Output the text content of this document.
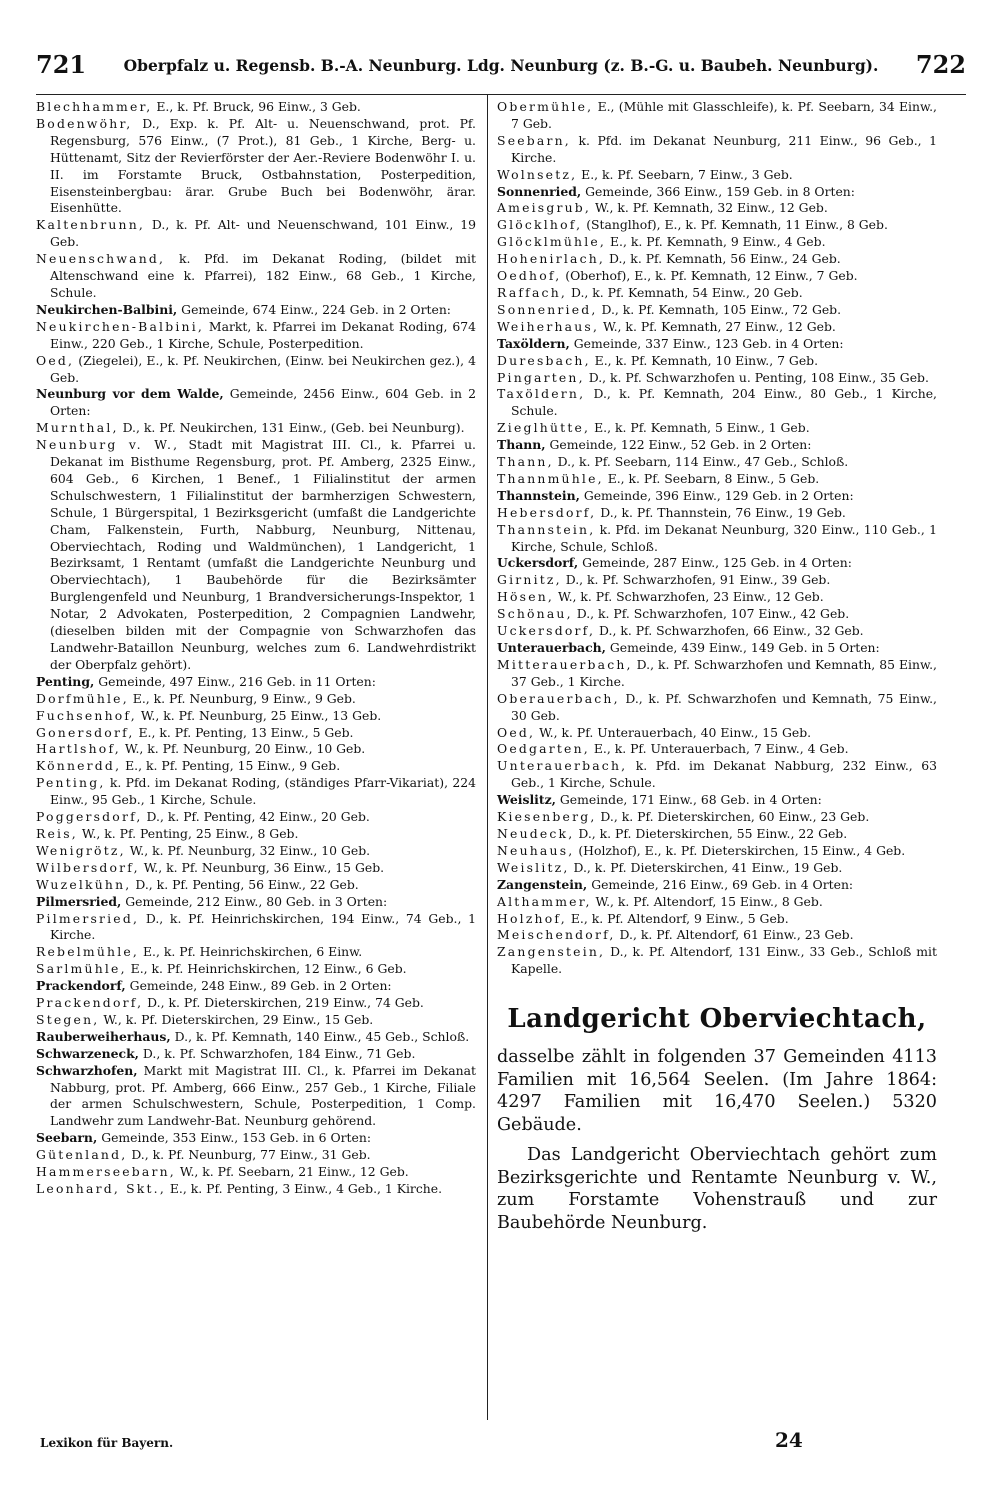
721	Oberpfalz u. Regensb. B.-A. Neunburg. Ldg. Neunburg (z. B.-G. u. Baubeh. Neunburg).	722

Blechhammer, E., k. Pf. Bruck, 96 Einw., 3 Geb.

Bodenwöhr, D., Exp. k. Pf. Alt- u. Neuenschwand, prot. Pf. Regensburg, 576 Einw., (7 Prot.), 81 Geb., 1 Kirche, Berg- u. Hüttenamt, Sitz der Revierförster der Aer.-Reviere Bodenwöhr I. u. II. im Forstamte Bruck, Ostbahnstation, Posterpedition, Eisensteinbergbau: ärar. Grube Buch bei Bodenwöhr, ärar. Eisenhütte.

Kaltenbrunn, D., k. Pf. Alt- und Neuenschwand, 101 Einw., 19 Geb.

Neuenschwand, k. Pfd. im Dekanat Roding, (bildet mit Altenschwand eine k. Pfarrei), 182 Einw., 68 Geb., 1 Kirche, Schule.

Neukirchen-Balbini, Gemeinde, 674 Einw., 224 Geb. in 2 Orten:

Neukirchen-Balbini, Markt, k. Pfarrei im Dekanat Roding, 674 Einw., 220 Geb., 1 Kirche, Schule, Posterpedition.

Oed, (Ziegelei), E., k. Pf. Neukirchen, (Einw. bei Neukirchen gez.), 4 Geb.

Neunburg vor dem Walde, Gemeinde, 2456 Einw., 604 Geb. in 2 Orten:

Murnthal, D., k. Pf. Neukirchen, 131 Einw., (Geb. bei Neunburg).

Neunburg v. W., Stadt mit Magistrat III. Cl., k. Pfarrei u. Dekanat im Bisthume Regensburg, prot. Pf. Amberg, 2325 Einw., 604 Geb., 6 Kirchen, 1 Benef., 1 Filialinstitut der armen Schulschwestern, 1 Filialinstitut der barmherzigen Schwestern, Schule, 1 Bürgerspital, 1 Bezirksgericht (umfaßt die Landgerichte Cham, Falkenstein, Furth, Nabburg, Neunburg, Nittenau, Oberviechtach, Roding und Waldmünchen), 1 Landgericht, 1 Bezirksamt, 1 Rentamt (umfaßt die Landgerichte Neunburg und Oberviechtach), 1 Baubehörde für die Bezirksämter Burglengenfeld und Neunburg, 1 Brandversicherungs-Inspektor, 1 Notar, 2 Advokaten, Posterpedition, 2 Compagnien Landwehr, (dieselben bilden mit der Compagnie von Schwarzhofen das Landwehr-Bataillon Neunburg, welches zum 6. Landwehrdistrikt der Oberpfalz gehört).

Penting, Gemeinde, 497 Einw., 216 Geb. in 11 Orten:

Dorfmühle, E., k. Pf. Neunburg, 9 Einw., 9 Geb.

Fuchsenhof, W., k. Pf. Neunburg, 25 Einw., 13 Geb.

Gonersdorf, E., k. Pf. Penting, 13 Einw., 5 Geb.

Hartlshof, W., k. Pf. Neunburg, 20 Einw., 10 Geb.

Könnerdd, E., k. Pf. Penting, 15 Einw., 9 Geb.

Penting, k. Pfd. im Dekanat Roding, (ständiges Pfarr-Vikariat), 224 Einw., 95 Geb., 1 Kirche, Schule.

Poggersdorf, D., k. Pf. Penting, 42 Einw., 20 Geb.

Reis, W., k. Pf. Penting, 25 Einw., 8 Geb.

Wenigrötz, W., k. Pf. Neunburg, 32 Einw., 10 Geb.

Wilbersdorf, W., k. Pf. Neunburg, 36 Einw., 15 Geb.

Wuzelkühn, D., k. Pf. Penting, 56 Einw., 22 Geb.

Pilmersried, Gemeinde, 212 Einw., 80 Geb. in 3 Orten:

Pilmersried, D., k. Pf. Heinrichskirchen, 194 Einw., 74 Geb., 1 Kirche.

Rebelmühle, E., k. Pf. Heinrichskirchen, 6 Einw.

Sarlmühle, E., k. Pf. Heinrichskirchen, 12 Einw., 6 Geb.

Prackendorf, Gemeinde, 248 Einw., 89 Geb. in 2 Orten:

Prackendorf, D., k. Pf. Dieterskirchen, 219 Einw., 74 Geb.

Stegen, W., k. Pf. Dieterskirchen, 29 Einw., 15 Geb.

Rauberweiherhaus, D., k. Pf. Kemnath, 140 Einw., 45 Geb., Schloß.

Schwarzeneck, D., k. Pf. Schwarzhofen, 184 Einw., 71 Geb.

Schwarzhofen, Markt mit Magistrat III. Cl., k. Pfarrei im Dekanat Nabburg, prot. Pf. Amberg, 666 Einw., 257 Geb., 1 Kirche, Filiale der armen Schulschwestern, Schule, Posterpedition, 1 Comp. Landwehr zum Landwehr-Bat. Neunburg gehörend.

Seebarn, Gemeinde, 353 Einw., 153 Geb. in 6 Orten:

Gütenland, D., k. Pf. Neunburg, 77 Einw., 31 Geb.

Hammerseebarn, W., k. Pf. Seebarn, 21 Einw., 12 Geb.

Leonhard, Skt., E., k. Pf. Penting, 3 Einw., 4 Geb., 1 Kirche.

Obermühle, E., (Mühle mit Glasschleife), k. Pf. Seebarn, 34 Einw., 7 Geb.

Seebarn, k. Pfd. im Dekanat Neunburg, 211 Einw., 96 Geb., 1 Kirche.

Wolnsetz, E., k. Pf. Seebarn, 7 Einw., 3 Geb.

Sonnenried, Gemeinde, 366 Einw., 159 Geb. in 8 Orten:

Ameisgrub, W., k. Pf. Kemnath, 32 Einw., 12 Geb.

Glöcklhof, (Stanglhof), E., k. Pf. Kemnath, 11 Einw., 8 Geb.

Glöcklmühle, E., k. Pf. Kemnath, 9 Einw., 4 Geb.

Hohenirlach, D., k. Pf. Kemnath, 56 Einw., 24 Geb.

Oedhof, (Oberhof), E., k. Pf. Kemnath, 12 Einw., 7 Geb.

Raffach, D., k. Pf. Kemnath, 54 Einw., 20 Geb.

Sonnenried, D., k. Pf. Kemnath, 105 Einw., 72 Geb.

Weiherhaus, W., k. Pf. Kemnath, 27 Einw., 12 Geb.

Taxöldern, Gemeinde, 337 Einw., 123 Geb. in 4 Orten:

Duresbach, E., k. Pf. Kemnath, 10 Einw., 7 Geb.

Pingarten, D., k. Pf. Schwarzhofen u. Penting, 108 Einw., 35 Geb.

Taxöldern, D., k. Pf. Kemnath, 204 Einw., 80 Geb., 1 Kirche, Schule.

Zieglhütte, E., k. Pf. Kemnath, 5 Einw., 1 Geb.

Thann, Gemeinde, 122 Einw., 52 Geb. in 2 Orten:

Thann, D., k. Pf. Seebarn, 114 Einw., 47 Geb., Schloß.

Thannmühle, E., k. Pf. Seebarn, 8 Einw., 5 Geb.

Thannstein, Gemeinde, 396 Einw., 129 Geb. in 2 Orten:

Hebersdorf, D., k. Pf. Thannstein, 76 Einw., 19 Geb.

Thannstein, k. Pfd. im Dekanat Neunburg, 320 Einw., 110 Geb., 1 Kirche, Schule, Schloß.

Uckersdorf, Gemeinde, 287 Einw., 125 Geb. in 4 Orten:

Girnitz, D., k. Pf. Schwarzhofen, 91 Einw., 39 Geb.

Hösen, W., k. Pf. Schwarzhofen, 23 Einw., 12 Geb.

Schönau, D., k. Pf. Schwarzhofen, 107 Einw., 42 Geb.

Uckersdorf, D., k. Pf. Schwarzhofen, 66 Einw., 32 Geb.

Unterauerbach, Gemeinde, 439 Einw., 149 Geb. in 5 Orten:

Mitterauerbach, D., k. Pf. Schwarzhofen und Kemnath, 85 Einw., 37 Geb., 1 Kirche.

Oberauerbach, D., k. Pf. Schwarzhofen und Kemnath, 75 Einw., 30 Geb.

Oed, W., k. Pf. Unterauerbach, 40 Einw., 15 Geb.

Oedgarten, E., k. Pf. Unterauerbach, 7 Einw., 4 Geb.

Unterauerbach, k. Pfd. im Dekanat Nabburg, 232 Einw., 63 Geb., 1 Kirche, Schule.

Weislitz, Gemeinde, 171 Einw., 68 Geb. in 4 Orten:

Kiesenberg, D., k. Pf. Dieterskirchen, 60 Einw., 23 Geb.

Neudeck, D., k. Pf. Dieterskirchen, 55 Einw., 22 Geb.

Neuhaus, (Holzhof), E., k. Pf. Dieterskirchen, 15 Einw., 4 Geb.

Weislitz, D., k. Pf. Dieterskirchen, 41 Einw., 19 Geb.

Zangenstein, Gemeinde, 216 Einw., 69 Geb. in 4 Orten:

Althammer, W., k. Pf. Altendorf, 15 Einw., 8 Geb.

Holzhof, E., k. Pf. Altendorf, 9 Einw., 5 Geb.

Meischendorf, D., k. Pf. Altendorf, 61 Einw., 23 Geb.

Zangenstein, D., k. Pf. Altendorf, 131 Einw., 33 Geb., Schloß mit Kapelle.

Landgericht Oberviechtach,

dasselbe zählt in folgenden 37 Gemeinden 4113 Familien mit 16,564 Seelen. (Im Jahre 1864: 4297 Familien mit 16,470 Seelen.) 5320 Gebäude.

Das Landgericht Oberviechtach gehört zum Bezirksgerichte und Rentamte Neunburg v. W., zum Forstamte Vohenstrauß und zur Baubehörde Neunburg.

Lexikon für Bayern.	24
